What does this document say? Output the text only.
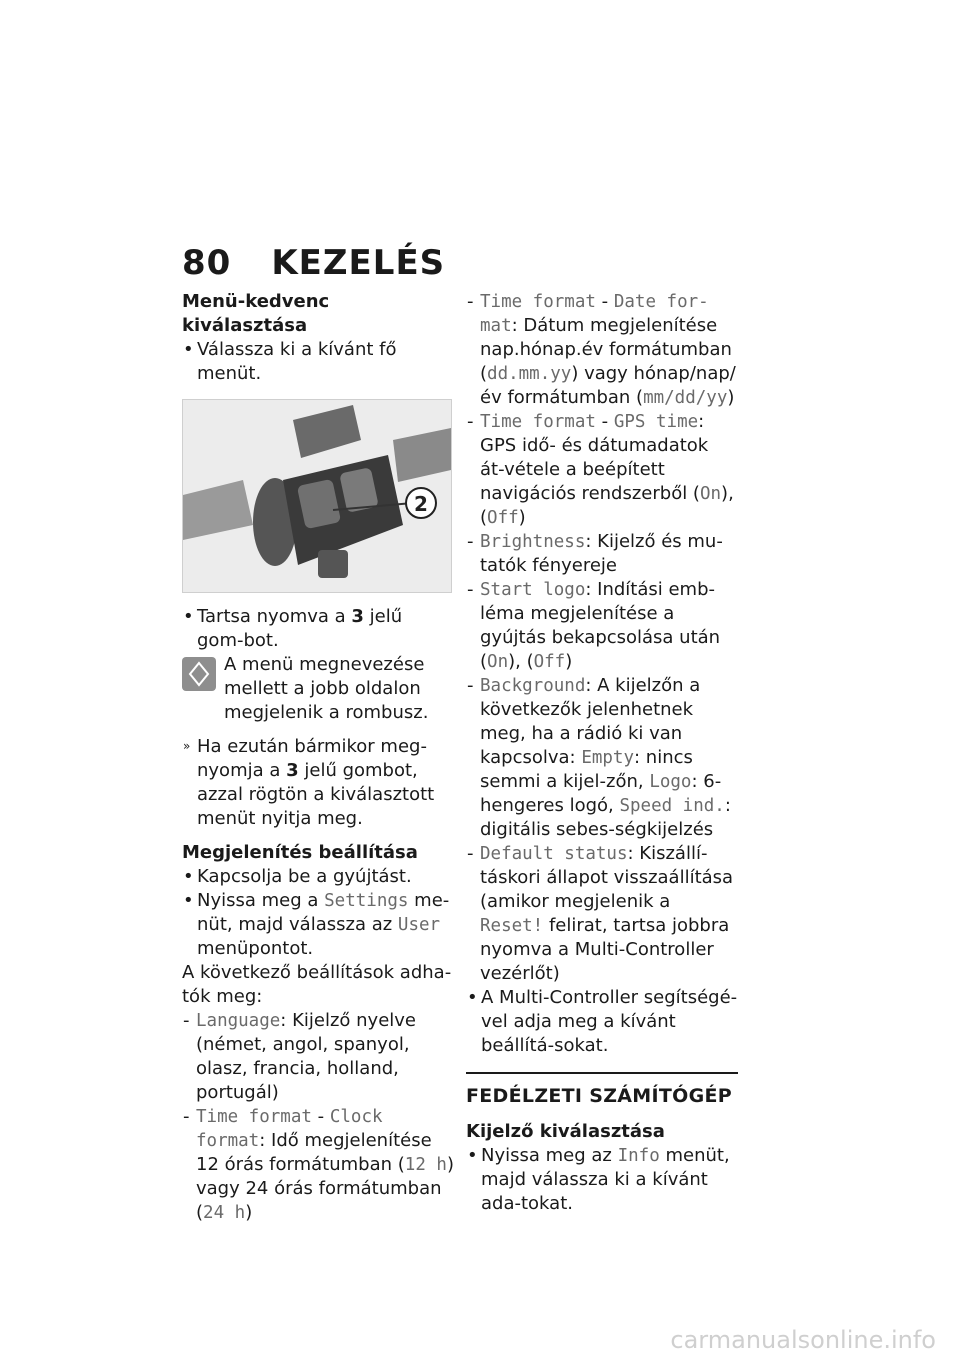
80 KEZELÉS
Menü-kedvenc kiválasztása

• Válassza ki a kívánt fő menüt.

2

• Tartsa nyomva a 3 jelű gom-bot.

A menü megnevezése mellett a jobb oldalon megjelenik a rombusz.

» Ha ezután bármikor meg-nyomja a 3 jelű gombot, azzal rögtön a kiválasztott menüt nyitja meg.

Megjelenítés beállítása

• Kapcsolja be a gyújtást.

• Nyissa meg a Settings me-nüt, majd válassza az User menüpontot.

A következő beállítások adha-tók meg:

- Language: Kijelző nyelve (német, angol, spanyol, olasz, francia, holland, portugál)

- Time format - Clock format: Idő megjelenítése 12 órás formátumban (12 h) vagy 24 órás formátumban (24 h)

- Time format - Date for-mat: Dátum megjelenítése nap.hónap.év formátumban (dd.mm.yy) vagy hónap/nap/ év formátumban (mm/dd/yy)

- Time format - GPS time: GPS idő- és dátumadatok át-vétele a beépített navigációs rendszerből (On), (Off)

- Brightness: Kijelző és mu-tatók fényereje

- Start logo: Indítási emb-léma megjelenítése a gyújtás bekapcsolása után (On), (Off)

- Background: A kijelzőn a következők jelenhetnek meg, ha a rádió ki van kapcsolva: Empty: nincs semmi a kijel-zőn, Logo: 6-hengeres logó, Speed ind.: digitális sebes-ségkijelzés

- Default status: Kiszállí-táskori állapot visszaállítása (amikor megjelenik a Reset! felirat, tartsa jobbra nyomva a Multi-Controller vezérlőt)

• A Multi-Controller segítségé-vel adja meg a kívánt beállítá-sokat.

FEDÉLZETI SZÁMÍTÓGÉP

Kijelző kiválasztása

• Nyissa meg az Info menüt, majd válassza ki a kívánt ada-tokat.

carmanualsonline.info
